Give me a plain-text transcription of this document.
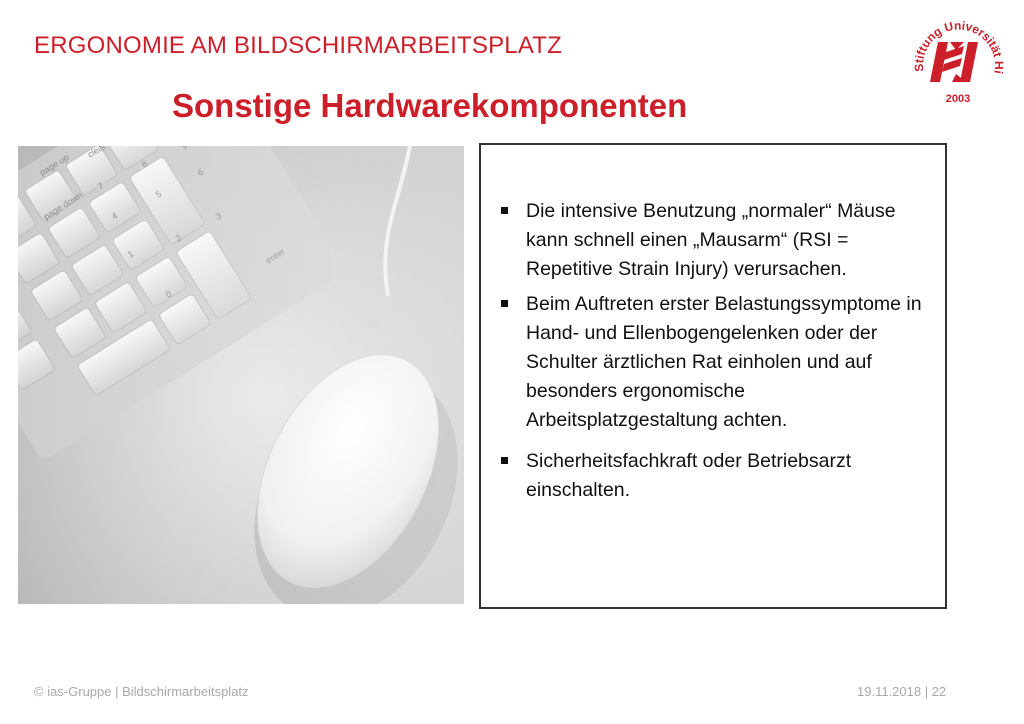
ERGONOMIE AM BILDSCHIRMARBEITSPLATZ
Sonstige Hardwarekomponenten
Stiftung Universität Hi
2003
Die intensive Benutzung „normaler“ Mäuse kann schnell einen „Mausarm“ (RSI = Repetitive Strain Injury) verursachen.
Beim Auftreten erster Belastungssymptome in Hand- und Ellenbogengelenken oder der Schulter ärztlichen Rat einholen und auf besonders ergonomische Arbeitsplatzgestaltung achten.
Sicherheitsfachkraft oder Betriebsarzt einschalten.
© ias-Gruppe | Bildschirmarbeitsplatz	19.11.2018 | 22
